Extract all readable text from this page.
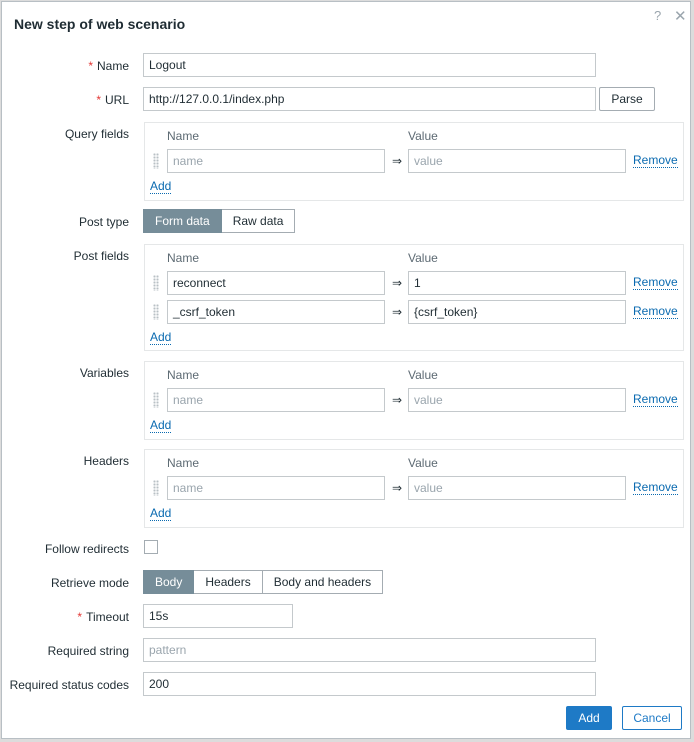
New step of web scenario
? ✕
* Name	Logout
* URL	http://127.0.0.1/index.php	Parse
Query fields	Name	Value
name	⇒ value	Remove
Add
Post type	Form data	Raw data
Post fields	Name	Value
reconnect	⇒ 1	Remove
_csrf_token	⇒ {csrf_token}	Remove
Add
Variables	Name	Value
name	⇒ value	Remove
Add
Headers	Name	Value
name	⇒ value	Remove
Add
Follow redirects
Retrieve mode	Body	Headers	Body and headers
* Timeout	15s
Required string	pattern
Required status codes	200
Add	Cancel
